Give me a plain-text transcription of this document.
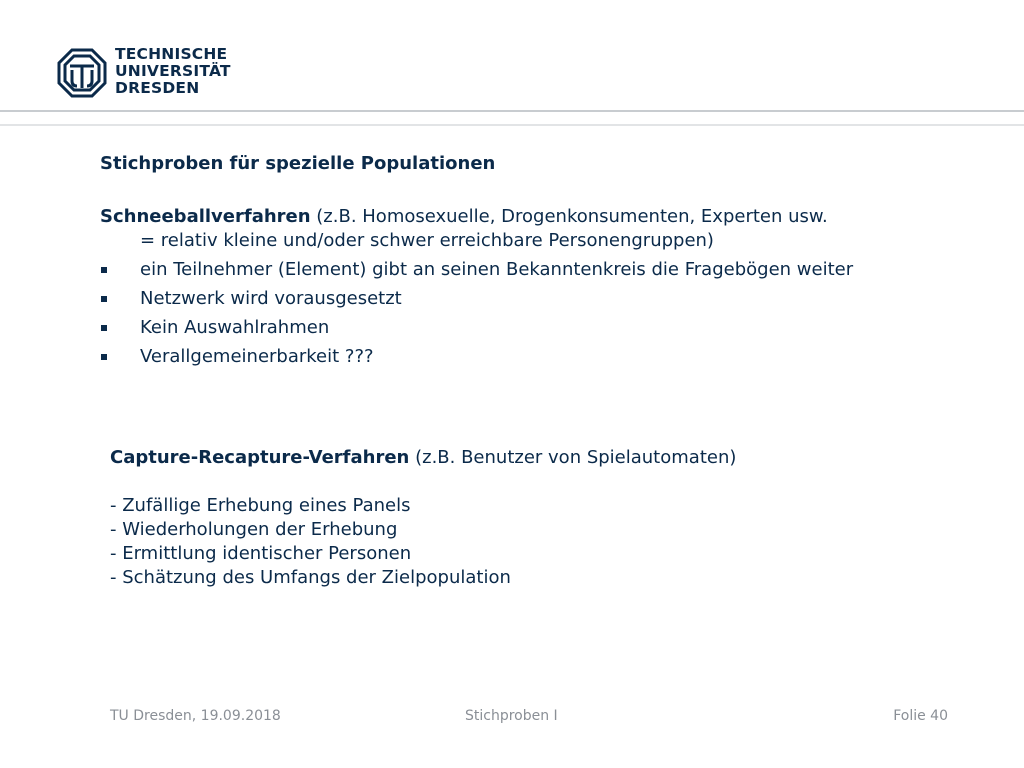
TECHNISCHE
UNIVERSITÄT
DRESDEN
Stichproben für spezielle Populationen
Schneeballverfahren (z.B. Homosexuelle, Drogenkonsumenten, Experten usw.
= relativ kleine und/oder schwer erreichbare Personengruppen)
ein Teilnehmer (Element) gibt an seinen Bekanntenkreis die Fragebögen weiter
Netzwerk wird vorausgesetzt
Kein Auswahlrahmen
Verallgemeinerbarkeit ???
Capture-Recapture-Verfahren (z.B. Benutzer von Spielautomaten)
- Zufällige Erhebung eines Panels
- Wiederholungen der Erhebung
- Ermittlung identischer Personen
- Schätzung des Umfangs der Zielpopulation
TU Dresden, 19.09.2018	Stichproben I	Folie 40
